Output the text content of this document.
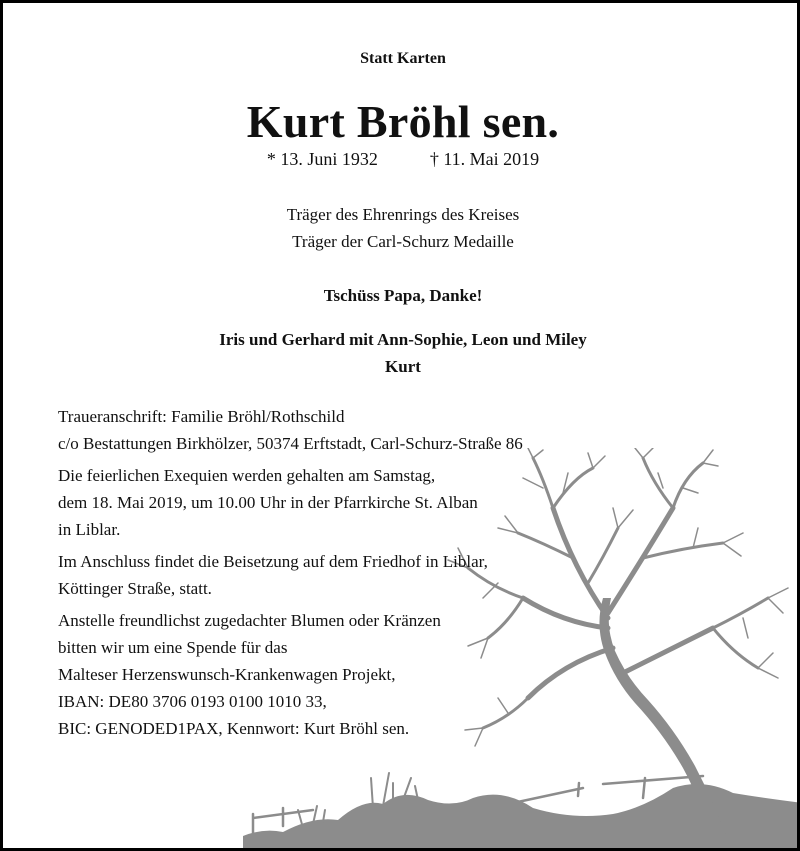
Statt Karten
Kurt Bröhl sen.
* 13. Juni 1932	† 11. Mai 2019
Träger des Ehrenrings des Kreises
Träger der Carl-Schurz Medaille
Tschüss Papa, Danke!
Iris und Gerhard mit Ann-Sophie, Leon und Miley
Kurt
Traueranschrift: Familie Bröhl/Rothschild
c/o Bestattungen Birkhölzer, 50374 Erftstadt, Carl-Schurz-Straße 86
Die feierlichen Exequien werden gehalten am Samstag,
dem 18. Mai 2019, um 10.00 Uhr in der Pfarrkirche St. Alban
in Liblar.
Im Anschluss findet die Beisetzung auf dem Friedhof in Liblar,
Köttinger Straße, statt.
Anstelle freundlichst zugedachter Blumen oder Kränzen
bitten wir um eine Spende für das
Malteser Herzenswunsch-Krankenwagen Projekt,
IBAN: DE80 3706 0193 0100 1010 33,
BIC: GENODED1PAX, Kennwort: Kurt Bröhl sen.
